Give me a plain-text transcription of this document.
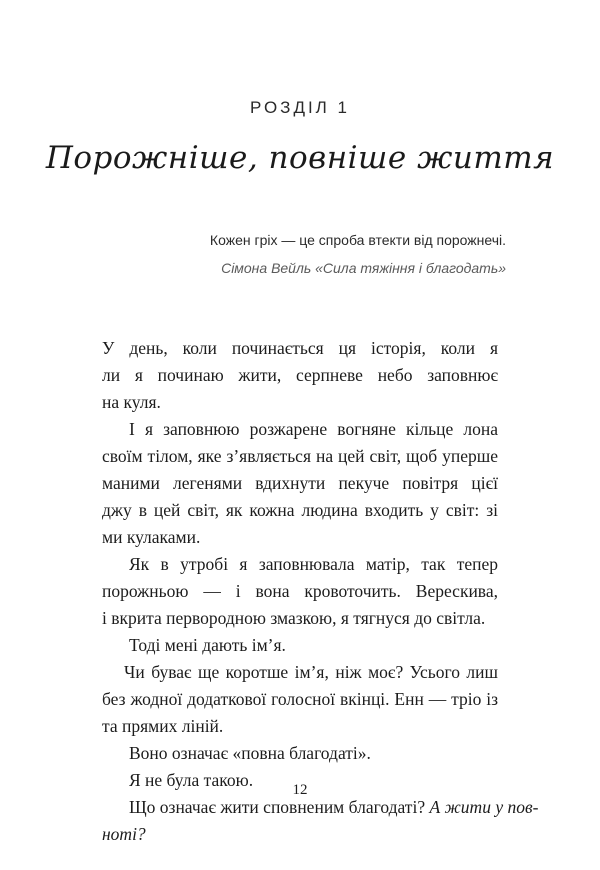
РОЗДІЛ 1
Порожніше, повніше життя
Кожен гріх — це спроба втекти від порожнечі.
Сімона Вейль «Сила тяжіння і благодать»
У день, коли починається ця історія, коли я
ли я починаю жити, серпневе небо заповнює
на куля.
І я заповнюю розжарене вогняне кільце лона
своїм тілом, яке з’являється на цей світ, щоб уперше
маними легенями вдихнути пекуче повітря цієї
джу в цей світ, як кожна людина входить у світ: зі
ми кулаками.
Як в утробі я заповнювала матір, так тепер
порожньою — і вона кровоточить. Верескива,
і вкрита первородною змазкою, я тягнуся до світла.
Тоді мені дають ім’я.
Чи буває ще коротше ім’я, ніж моє? Усього лиш
без жодної додаткової голосної вкінці. Енн — тріо із
та прямих ліній.
Воно означає «повна благодаті».
Я не була такою.
Що означає жити сповненим благодаті? А жити у пов-
ноті?
12
